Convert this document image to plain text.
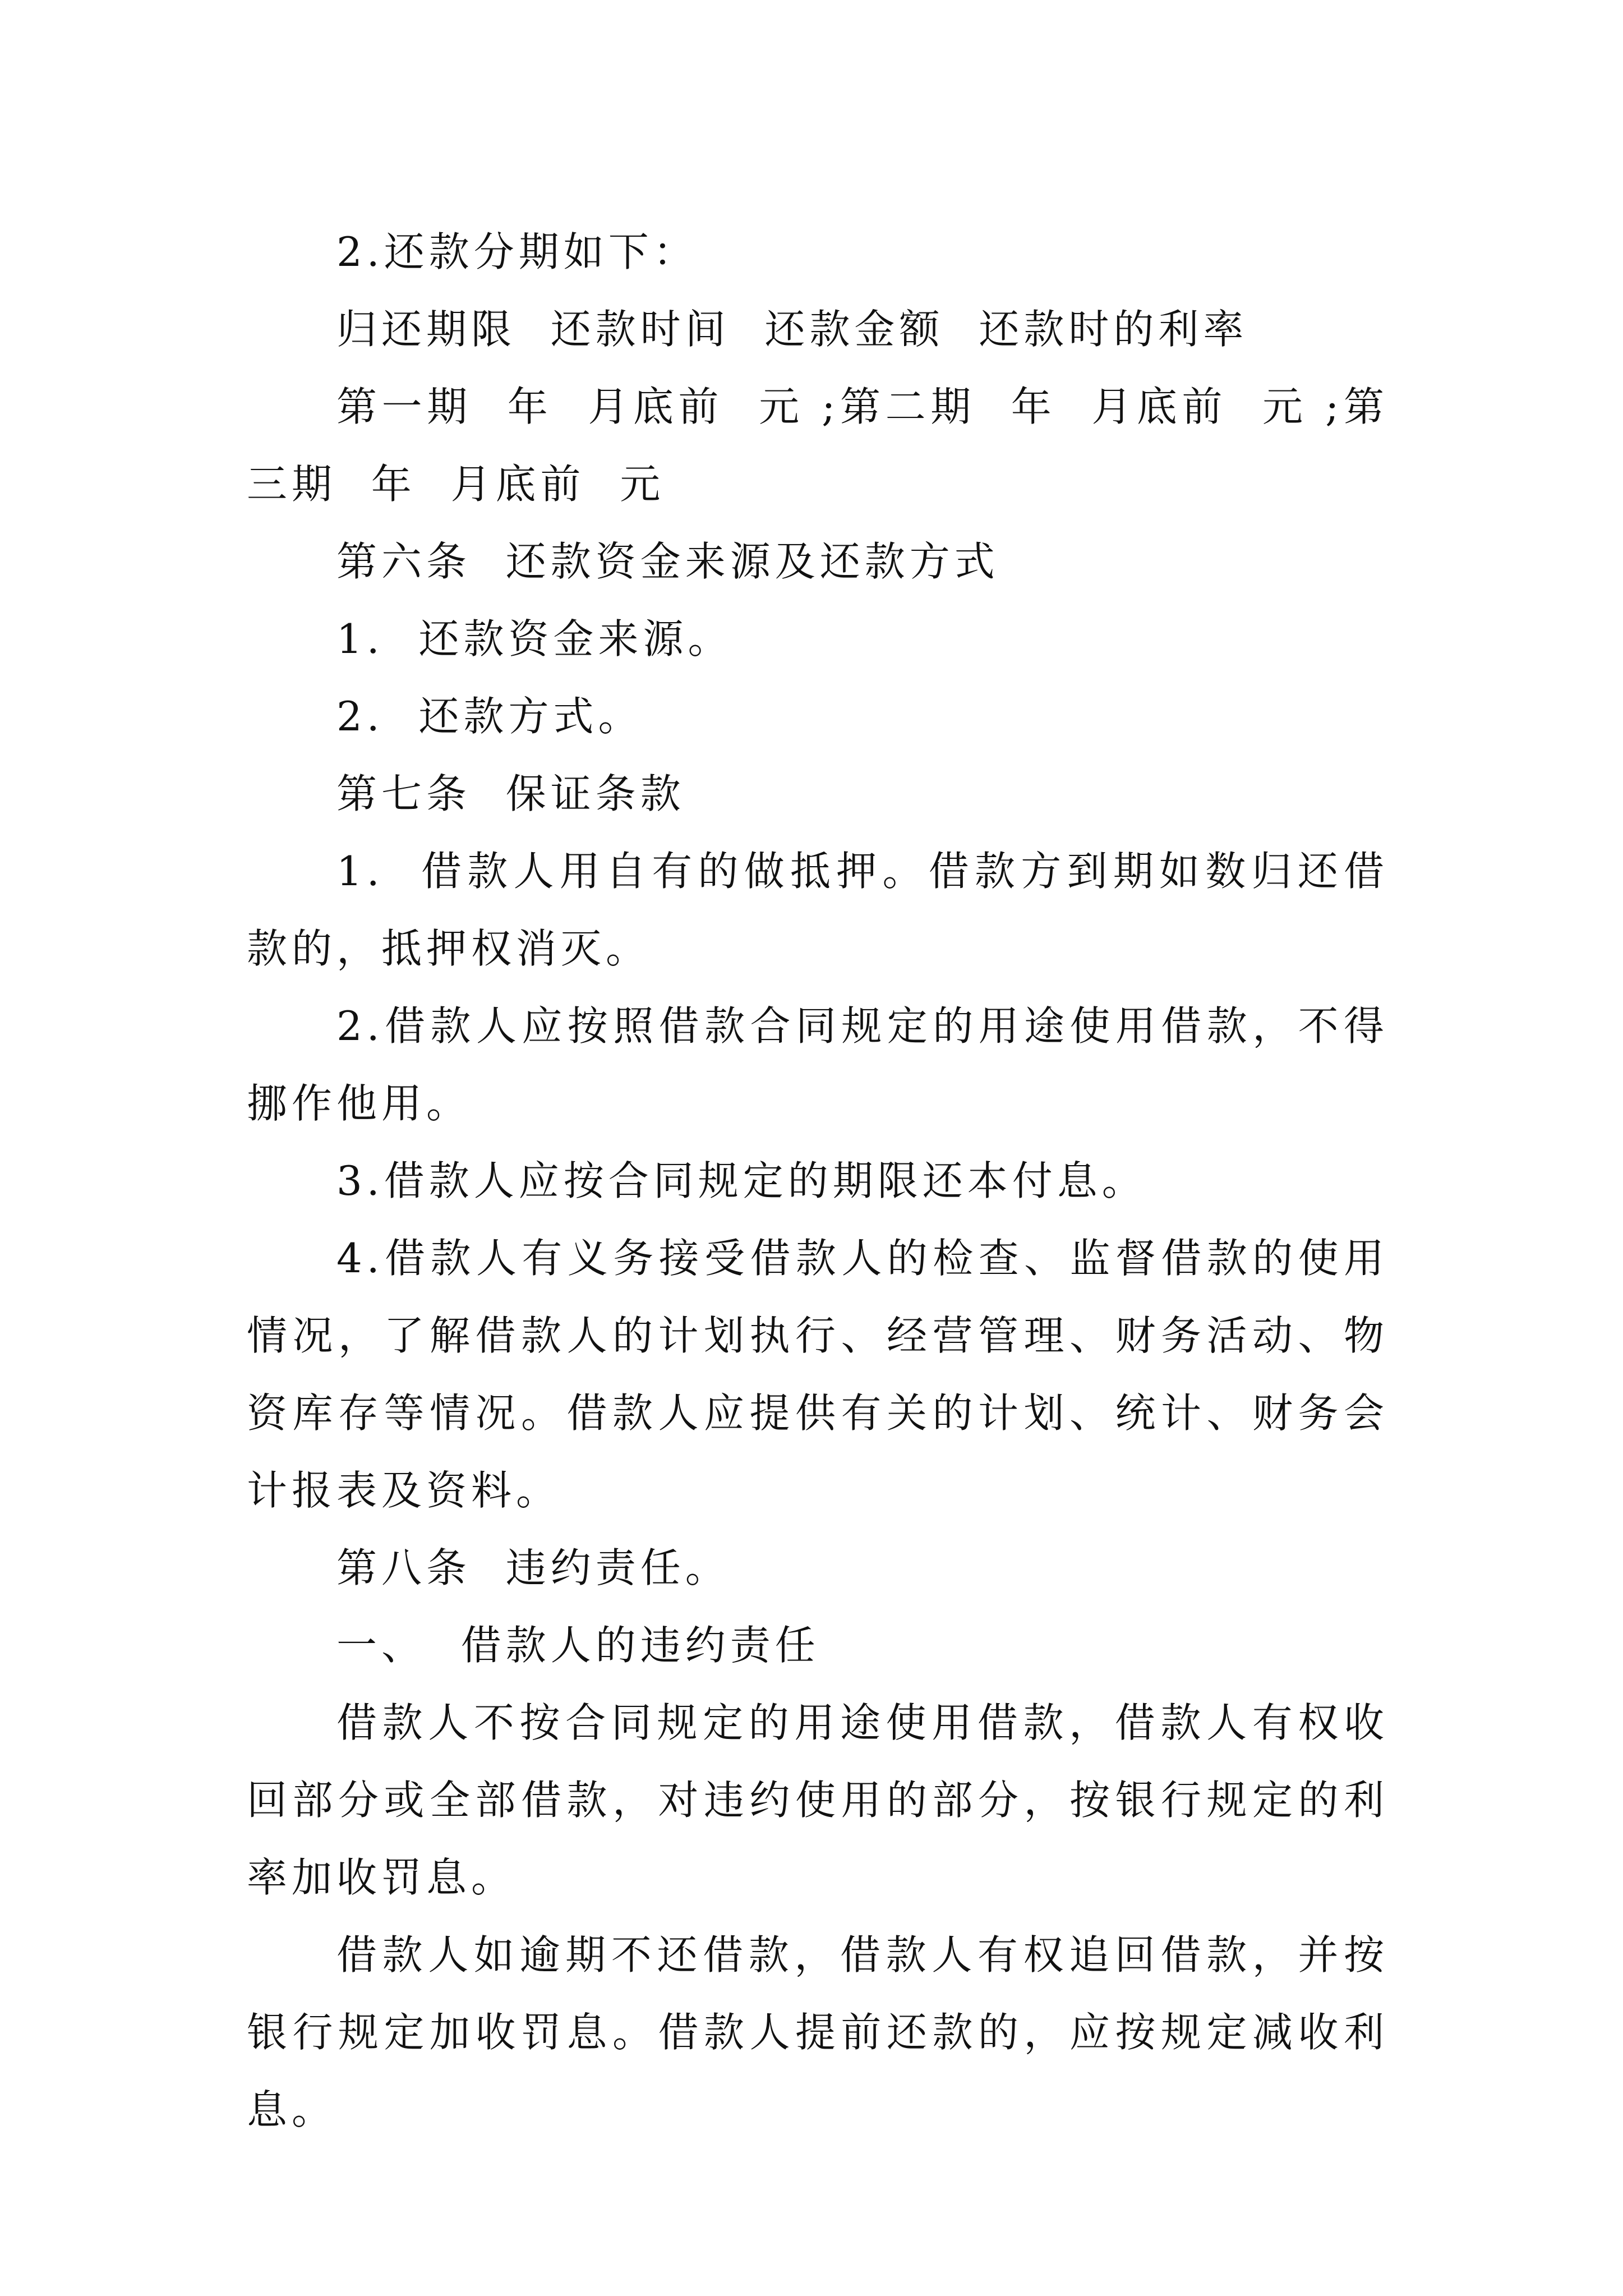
2.还款分期如下：

归还期限  还款时间  还款金额  还款时的利率

第一期  年  月底前  元 ;第二期  年  月底前  元 ;第三期  年  月底前  元

第六条  还款资金来源及还款方式

1.  还款资金来源。

2.  还款方式。

第七条  保证条款

1.  借款人用自有的做抵押。借款方到期如数归还借款的，抵押权消灭。

2.借款人应按照借款合同规定的用途使用借款，不得挪作他用。

3.借款人应按合同规定的期限还本付息。

4.借款人有义务接受借款人的检查、监督借款的使用情况，了解借款人的计划执行、经营管理、财务活动、物资库存等情况。借款人应提供有关的计划、统计、财务会计报表及资料。

第八条  违约责任。

一、  借款人的违约责任

借款人不按合同规定的用途使用借款，借款人有权收回部分或全部借款，对违约使用的部分，按银行规定的利率加收罚息。

借款人如逾期不还借款，借款人有权追回借款，并按银行规定加收罚息。借款人提前还款的，应按规定减收利息。
